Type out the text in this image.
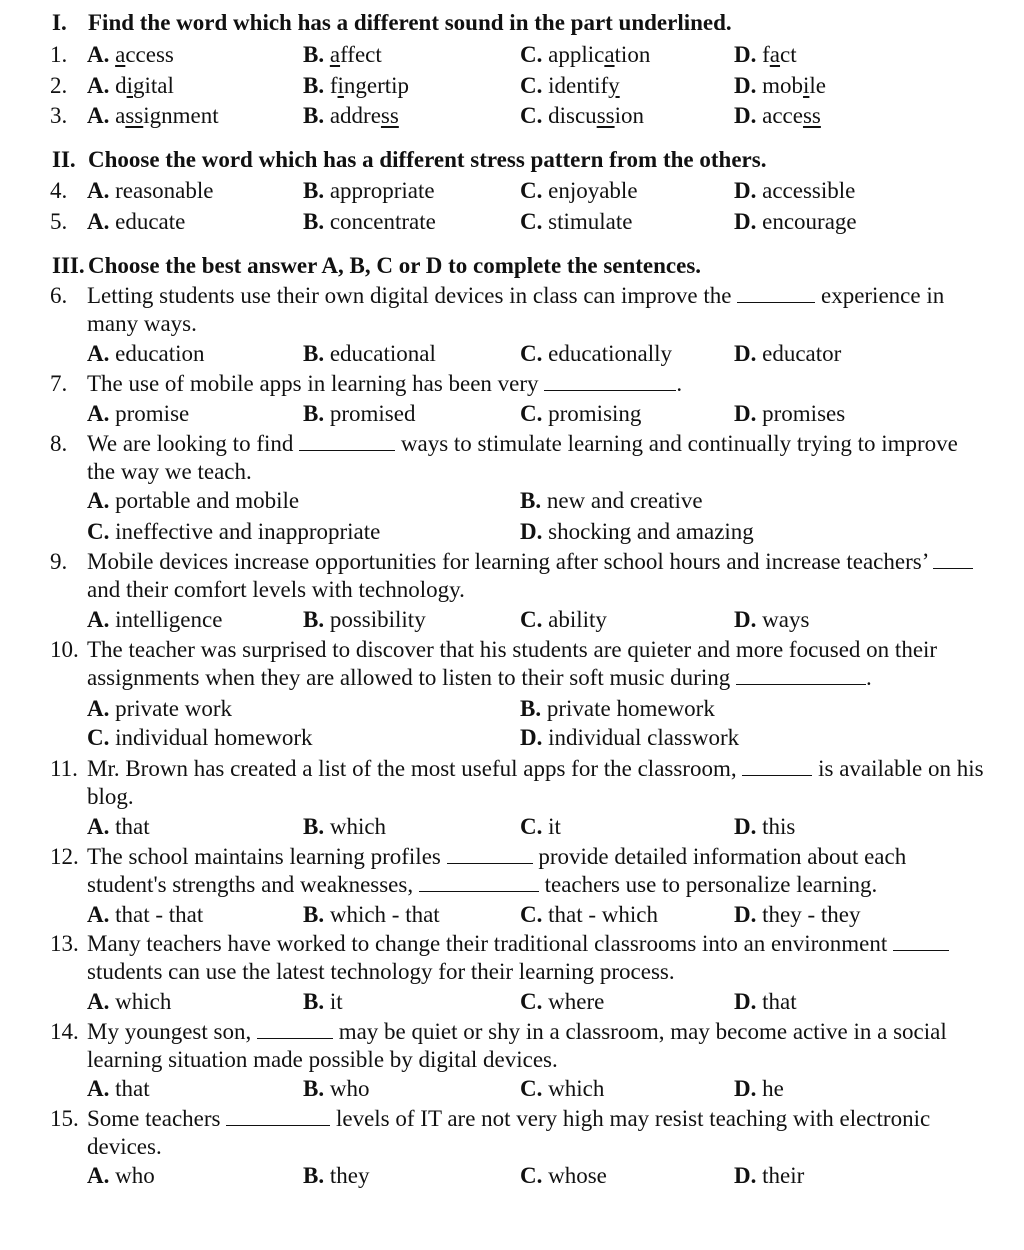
I. Find the word which has a different sound in the part underlined.
1. A. access	B. affect	C. application	D. fact
2. A. digital	B. fingertip	C. identify	D. mobile
3. A. assignment	B. address	C. discussion	D. access
II. Choose the word which has a different stress pattern from the others.
4. A. reasonable	B. appropriate	C. enjoyable	D. accessible
5. A. educate	B. concentrate	C. stimulate	D. encourage
III. Choose the best answer A, B, C or D to complete the sentences.
6. Letting students use their own digital devices in class can improve the	experience in many ways.
A. education	B. educational	C. educationally	D. educator
7. The use of mobile apps in learning has been very	.
A. promise	B. promised	C. promising	D. promises
8. We are looking to find	ways to stimulate learning and continually trying to improve the way we teach.
A. portable and mobile	B. new and creative
C. ineffective and inappropriate	D. shocking and amazing
9. Mobile devices increase opportunities for learning after school hours and increase teachers’  and their comfort levels with technology.
A. intelligence	B. possibility	C. ability	D. ways
10. The teacher was surprised to discover that his students are quieter and more focused on their assignments when they are allowed to listen to their soft music during	.
A. private work	B. private homework
C. individual homework	D. individual classwork
11. Mr. Brown has created a list of the most useful apps for the classroom,	is available on his blog.
A. that	B. which	C. it	D. this
12. The school maintains learning profiles	provide detailed information about each student's strengths and weaknesses,	teachers use to personalize learning.
A. that - that	B. which - that	C. that - which	D. they - they
13. Many teachers have worked to change their traditional classrooms into an environment  students can use the latest technology for their learning process.
A. which	B. it	C. where	D. that
14. My youngest son,	may be quiet or shy in a classroom, may become active in a social learning situation made possible by digital devices.
A. that	B. who	C. which	D. he
15. Some teachers	levels of IT are not very high may resist teaching with electronic devices.
A. who	B. they	C. whose	D. their
